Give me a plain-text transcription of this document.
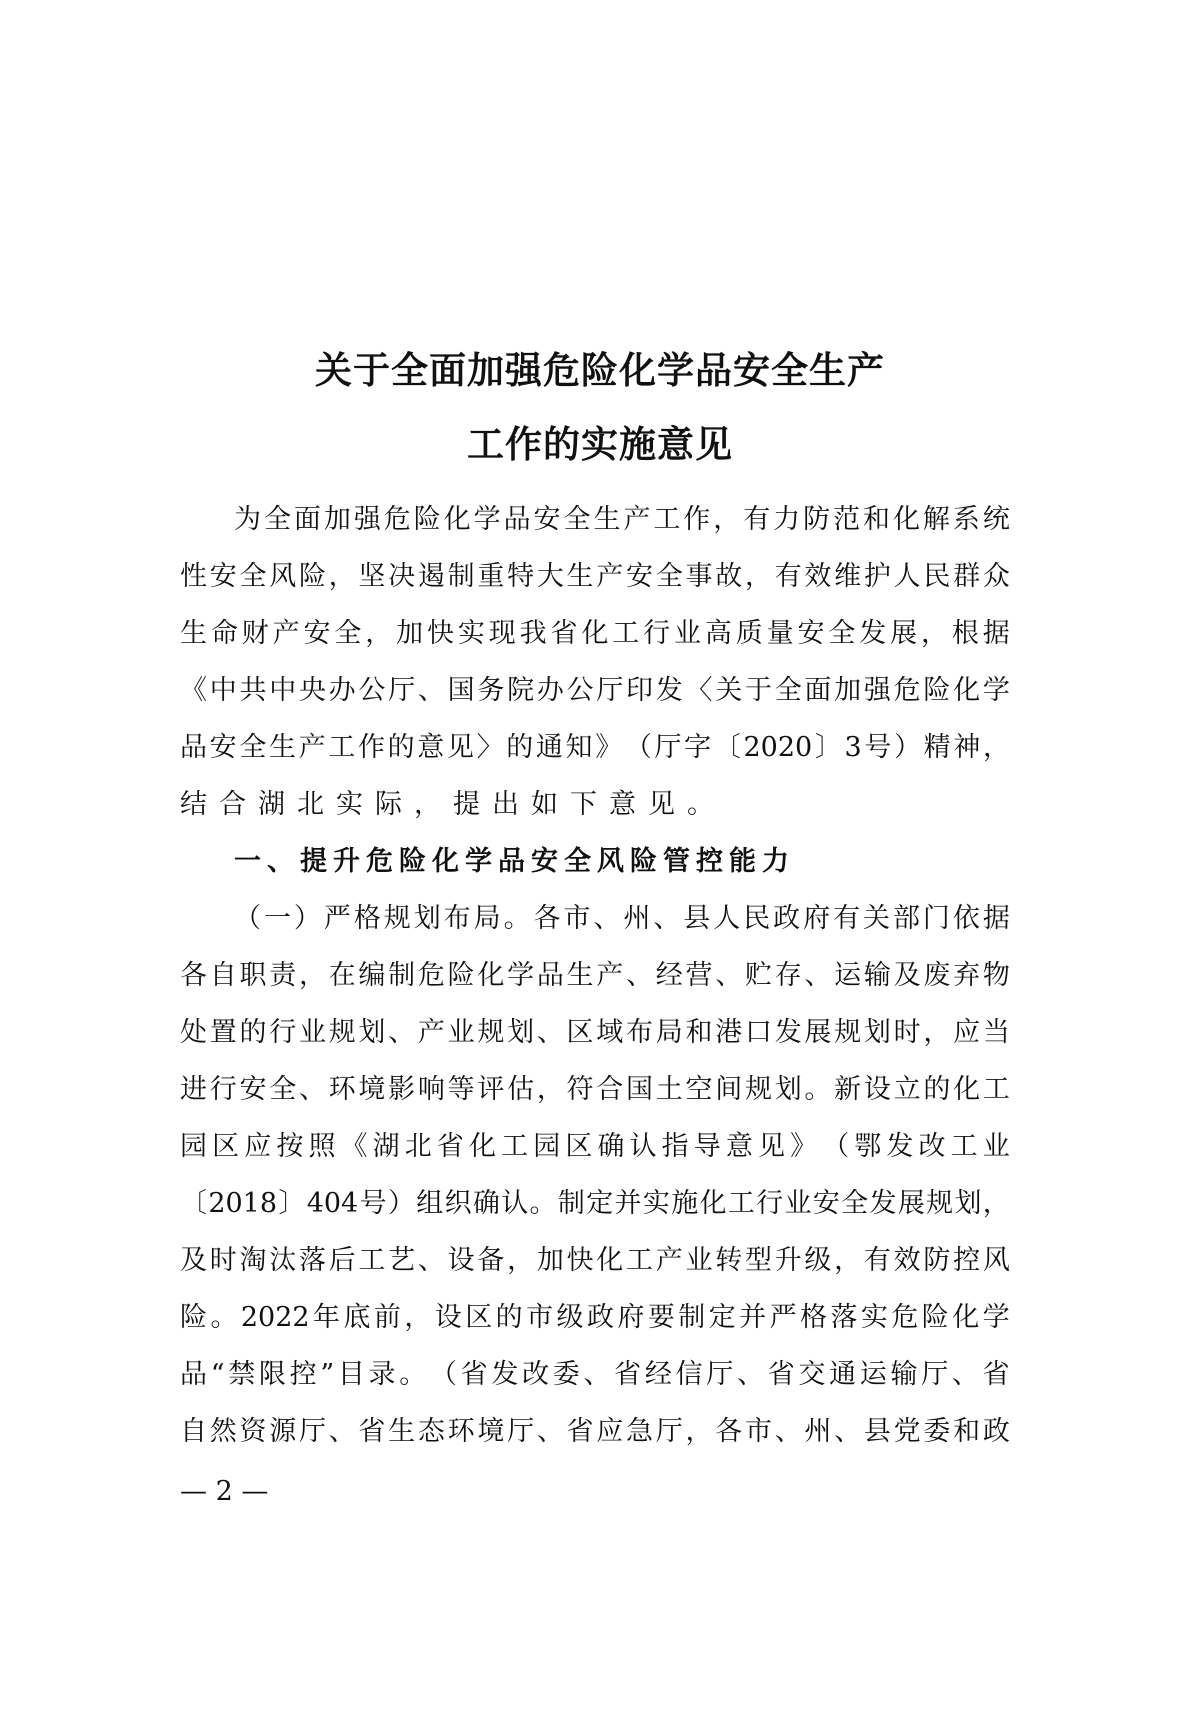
关于全面加强危险化学品安全生产
工作的实施意见
为 全 面 加 强 危 险 化 学 品 安 全 生 产 工 作 ， 有 力 防 范 和 化 解 系 统
性 安 全 风 险 ， 坚 决 遏 制 重 特 大 生 产 安 全 事 故 ， 有 效 维 护 人 民 群 众
生 命 财 产 安 全 ， 加 快 实 现 我 省 化 工 行 业 高 质 量 安 全 发 展 ， 根 据
《 中 共 中 央 办 公 厅 、 国 务 院 办 公 厅 印 发 〈 关 于 全 面 加 强 危 险 化 学
品 安 全 生 产 工 作 的 意 见 〉 的 通 知 》 （ 厅 字 〔 2020 〕 3 号 ） 精 神 ，
结合湖北实际，提出如下意见。
一、提升危险化学品安全风险管控能力
（ 一 ） 严 格 规 划 布 局 。 各 市 、 州 、 县 人 民 政 府 有 关 部 门 依 据
各 自 职 责 ， 在 编 制 危 险 化 学 品 生 产 、 经 营 、 贮 存 、 运 输 及 废 弃 物
处 置 的 行 业 规 划 、 产 业 规 划 、 区 域 布 局 和 港 口 发 展 规 划 时 ， 应 当
进 行 安 全 、 环 境 影 响 等 评 估 ， 符 合 国 土 空 间 规 划 。 新 设 立 的 化 工
园 区 应 按 照 《 湖 北 省 化 工 园 区 确 认 指 导 意 见 》 （ 鄂 发 改 工 业
〔 2018 〕 404 号 ） 组 织 确 认 。 制 定 并 实 施 化 工 行 业 安 全 发 展 规 划 ，
及 时 淘 汰 落 后 工 艺 、 设 备 ， 加 快 化 工 产 业 转 型 升 级 ， 有 效 防 控 风
险 。 2022 年 底 前 ， 设 区 的 市 级 政 府 要 制 定 并 严 格 落 实 危 险 化 学
品 “ 禁 限 控 ” 目 录 。 （ 省 发 改 委 、 省 经 信 厅 、 省 交 通 运 输 厅 、 省
自 然 资 源 厅 、 省 生 态 环 境 厅 、 省 应 急 厅 ， 各 市 、 州 、 县 党 委 和 政
— 2 —
